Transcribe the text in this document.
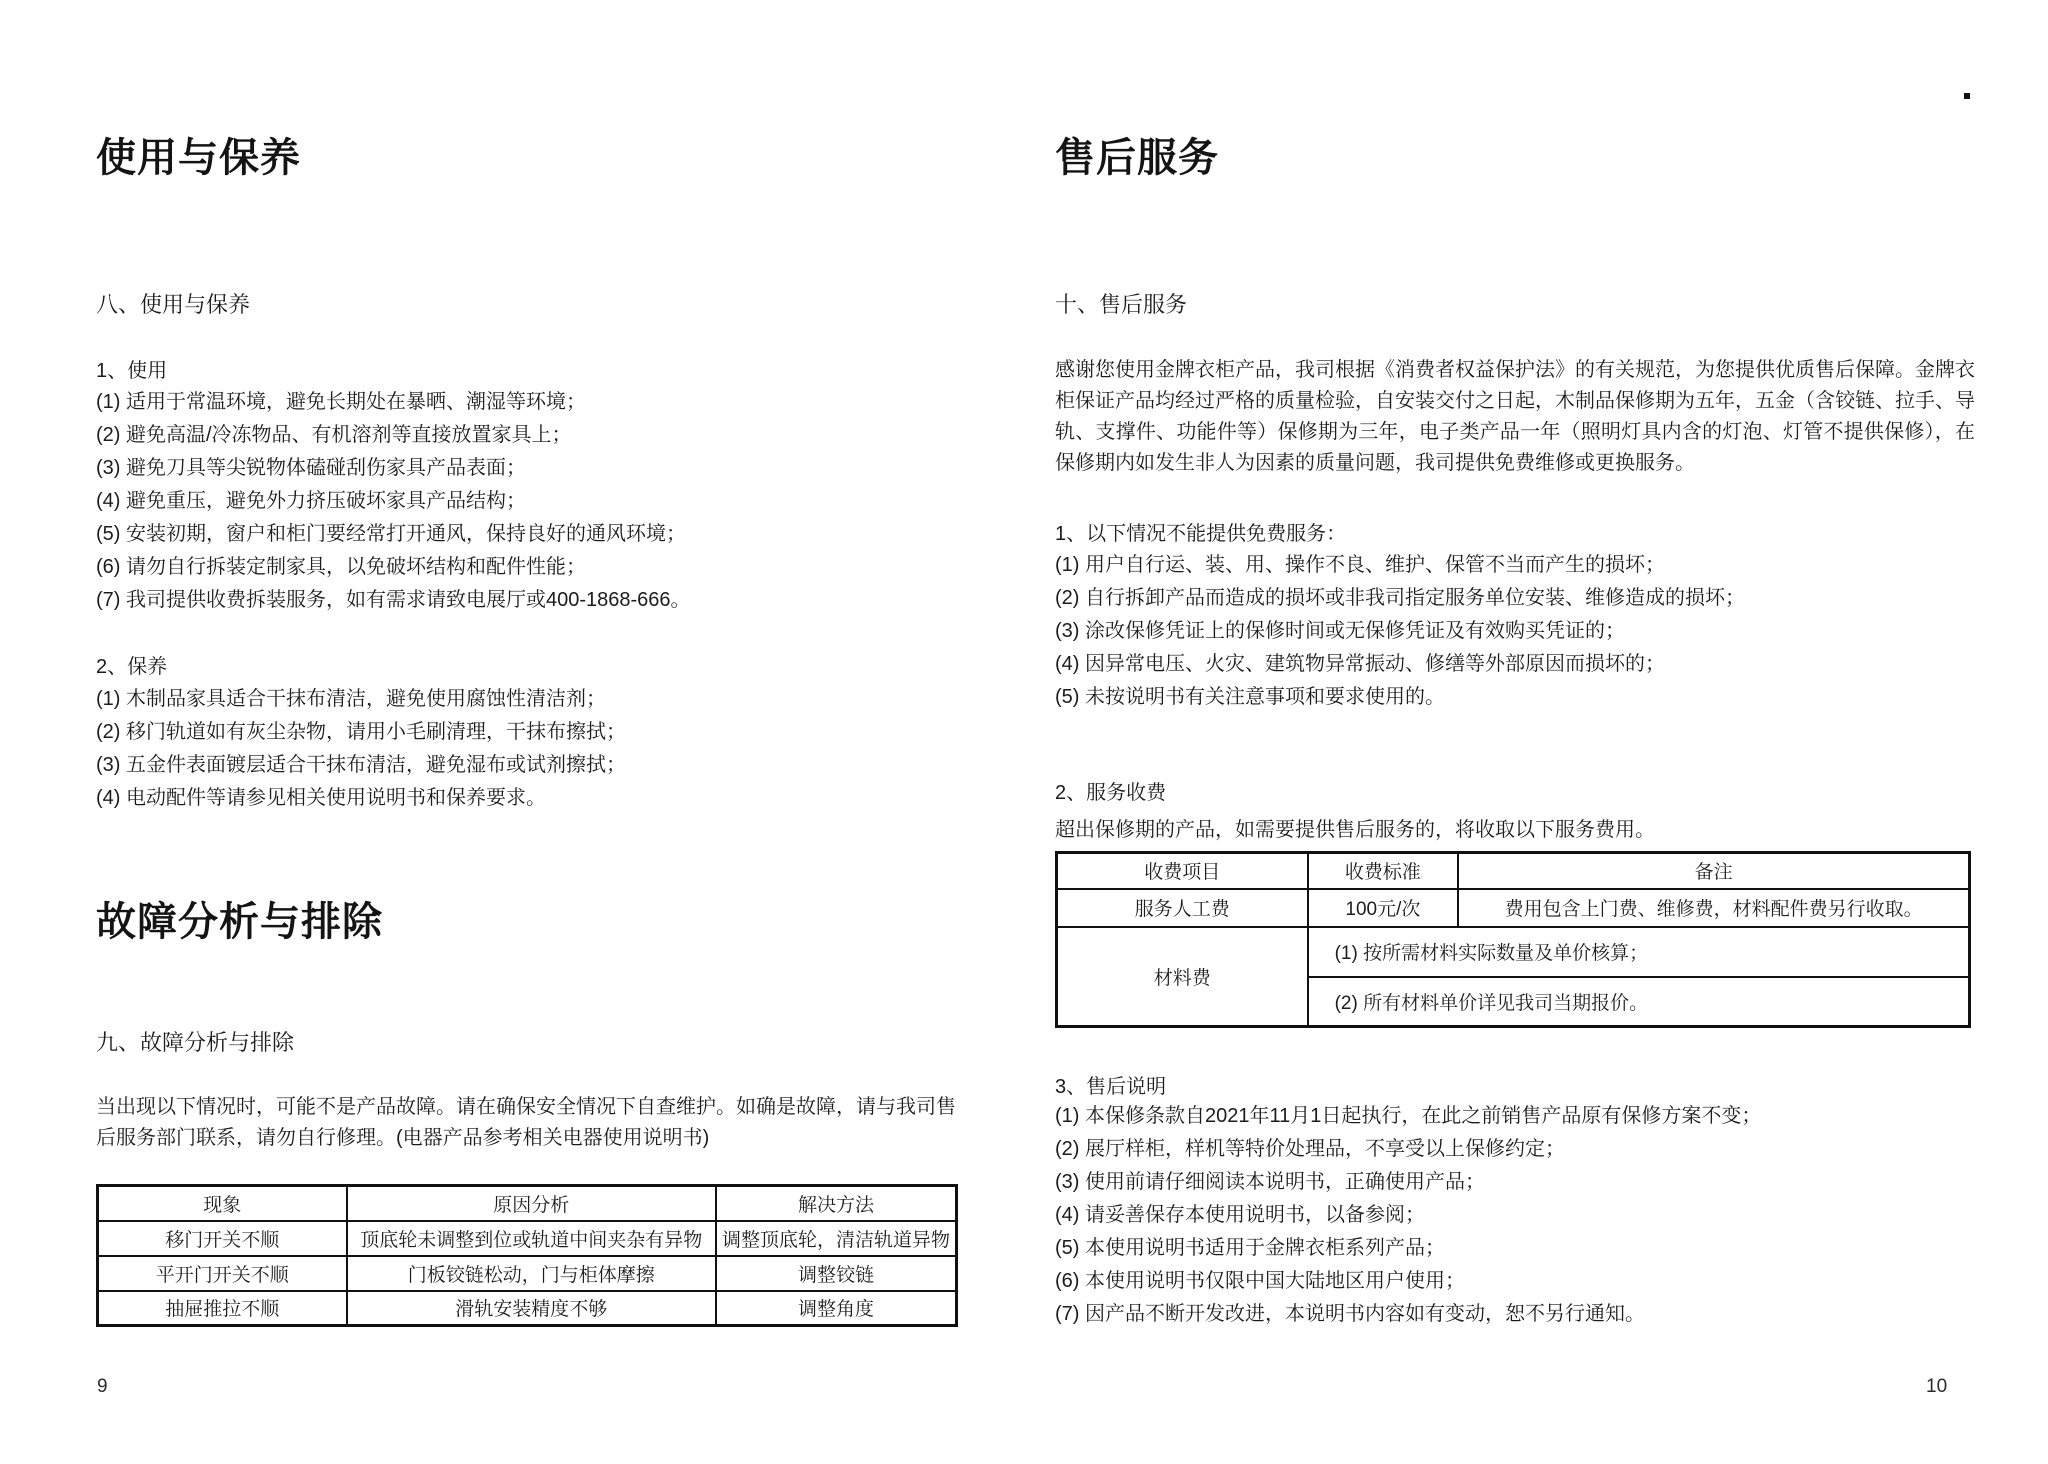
使用与保养
八、使用与保养
1、使用
(1) 适用于常温环境，避免长期处在暴晒、潮湿等环境；
(2) 避免高温/冷冻物品、有机溶剂等直接放置家具上；
(3) 避免刀具等尖锐物体磕碰刮伤家具产品表面；
(4) 避免重压，避免外力挤压破坏家具产品结构；
(5) 安装初期，窗户和柜门要经常打开通风，保持良好的通风环境；
(6) 请勿自行拆装定制家具，以免破坏结构和配件性能；
(7) 我司提供收费拆装服务，如有需求请致电展厅或400-1868-666。
2、保养
(1) 木制品家具适合干抹布清洁，避免使用腐蚀性清洁剂；
(2) 移门轨道如有灰尘杂物，请用小毛刷清理，干抹布擦拭；
(3) 五金件表面镀层适合干抹布清洁，避免湿布或试剂擦拭；
(4) 电动配件等请参见相关使用说明书和保养要求。
故障分析与排除
九、故障分析与排除
当出现以下情况时，可能不是产品故障。请在确保安全情况下自查维护。如确是故障，请与我司售后服务部门联系，请勿自行修理。(电器产品参考相关电器使用说明书)
现象	原因分析	解决方法
移门开关不顺	顶底轮未调整到位或轨道中间夹杂有异物	调整顶底轮，清洁轨道异物
平开门开关不顺	门板铰链松动，门与柜体摩擦	调整铰链
抽屉推拉不顺	滑轨安装精度不够	调整角度
售后服务
十、售后服务
感谢您使用金牌衣柜产品，我司根据《消费者权益保护法》的有关规范，为您提供优质售后保障。金牌衣柜保证产品均经过严格的质量检验，自安装交付之日起，木制品保修期为五年，五金（含铰链、拉手、导轨、支撑件、功能件等）保修期为三年，电子类产品一年（照明灯具内含的灯泡、灯管不提供保修），在保修期内如发生非人为因素的质量问题，我司提供免费维修或更换服务。
1、以下情况不能提供免费服务：
(1) 用户自行运、装、用、操作不良、维护、保管不当而产生的损坏；
(2) 自行拆卸产品而造成的损坏或非我司指定服务单位安装、维修造成的损坏；
(3) 涂改保修凭证上的保修时间或无保修凭证及有效购买凭证的；
(4) 因异常电压、火灾、建筑物异常振动、修缮等外部原因而损坏的；
(5) 未按说明书有关注意事项和要求使用的。
2、服务收费
超出保修期的产品，如需要提供售后服务的，将收取以下服务费用。
收费项目	收费标准	备注
服务人工费	100元/次	费用包含上门费、维修费，材料配件费另行收取。
材料费	(1) 按所需材料实际数量及单价核算；	
	(2) 所有材料单价详见我司当期报价。	
3、售后说明
(1) 本保修条款自2021年11月1日起执行，在此之前销售产品原有保修方案不变；
(2) 展厅样柜，样机等特价处理品，不享受以上保修约定；
(3) 使用前请仔细阅读本说明书，正确使用产品；
(4) 请妥善保存本使用说明书，以备参阅；
(5) 本使用说明书适用于金牌衣柜系列产品；
(6) 本使用说明书仅限中国大陆地区用户使用；
(7) 因产品不断开发改进，本说明书内容如有变动，恕不另行通知。
9	10
